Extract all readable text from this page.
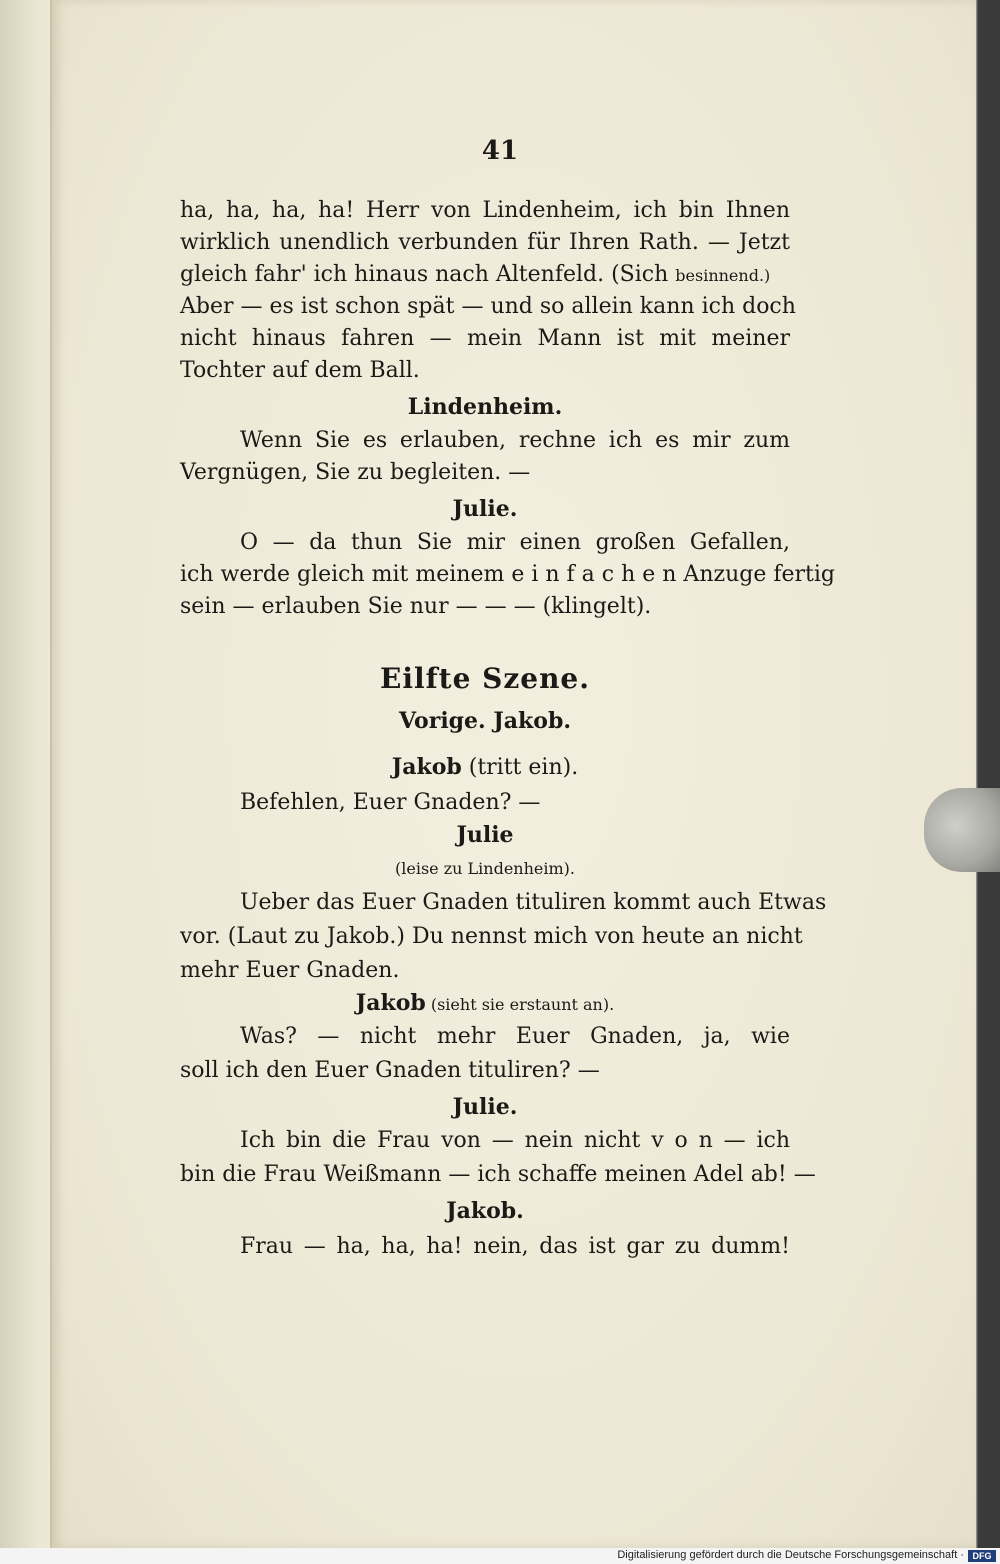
41
ha, ha, ha, ha! Herr von Lindenheim, ich bin Ihnen
wirklich unendlich verbunden für Ihren Rath. — Jetzt
gleich fahr' ich hinaus nach Altenfeld. (Sich besinnend.)
Aber — es ist schon spät — und so allein kann ich doch
nicht hinaus fahren — mein Mann ist mit meiner
Tochter auf dem Ball.
Lindenheim.
Wenn Sie es erlauben, rechne ich es mir zum
Vergnügen, Sie zu begleiten. —
Julie.
O — da thun Sie mir einen großen Gefallen,
ich werde gleich mit meinem e i n f a c h e n Anzuge fertig
sein — erlauben Sie nur — — — (klingelt).
Eilfte Szene.
Vorige. Jakob.
Jakob (tritt ein).
Befehlen, Euer Gnaden? —
Julie
(leise zu Lindenheim).
Ueber das Euer Gnaden tituliren kommt auch Etwas
vor. (Laut zu Jakob.) Du nennst mich von heute an nicht
mehr Euer Gnaden.
Jakob (sieht sie erstaunt an).
Was? — nicht mehr Euer Gnaden, ja, wie
soll ich den Euer Gnaden tituliren? —
Julie.
Ich bin die Frau von — nein nicht v o n — ich
bin die Frau Weißmann — ich schaffe meinen Adel ab! —
Jakob.
Frau — ha, ha, ha! nein, das ist gar zu dumm!
Digitalisierung gefördert durch die Deutsche Forschungsgemeinschaft · DFG
